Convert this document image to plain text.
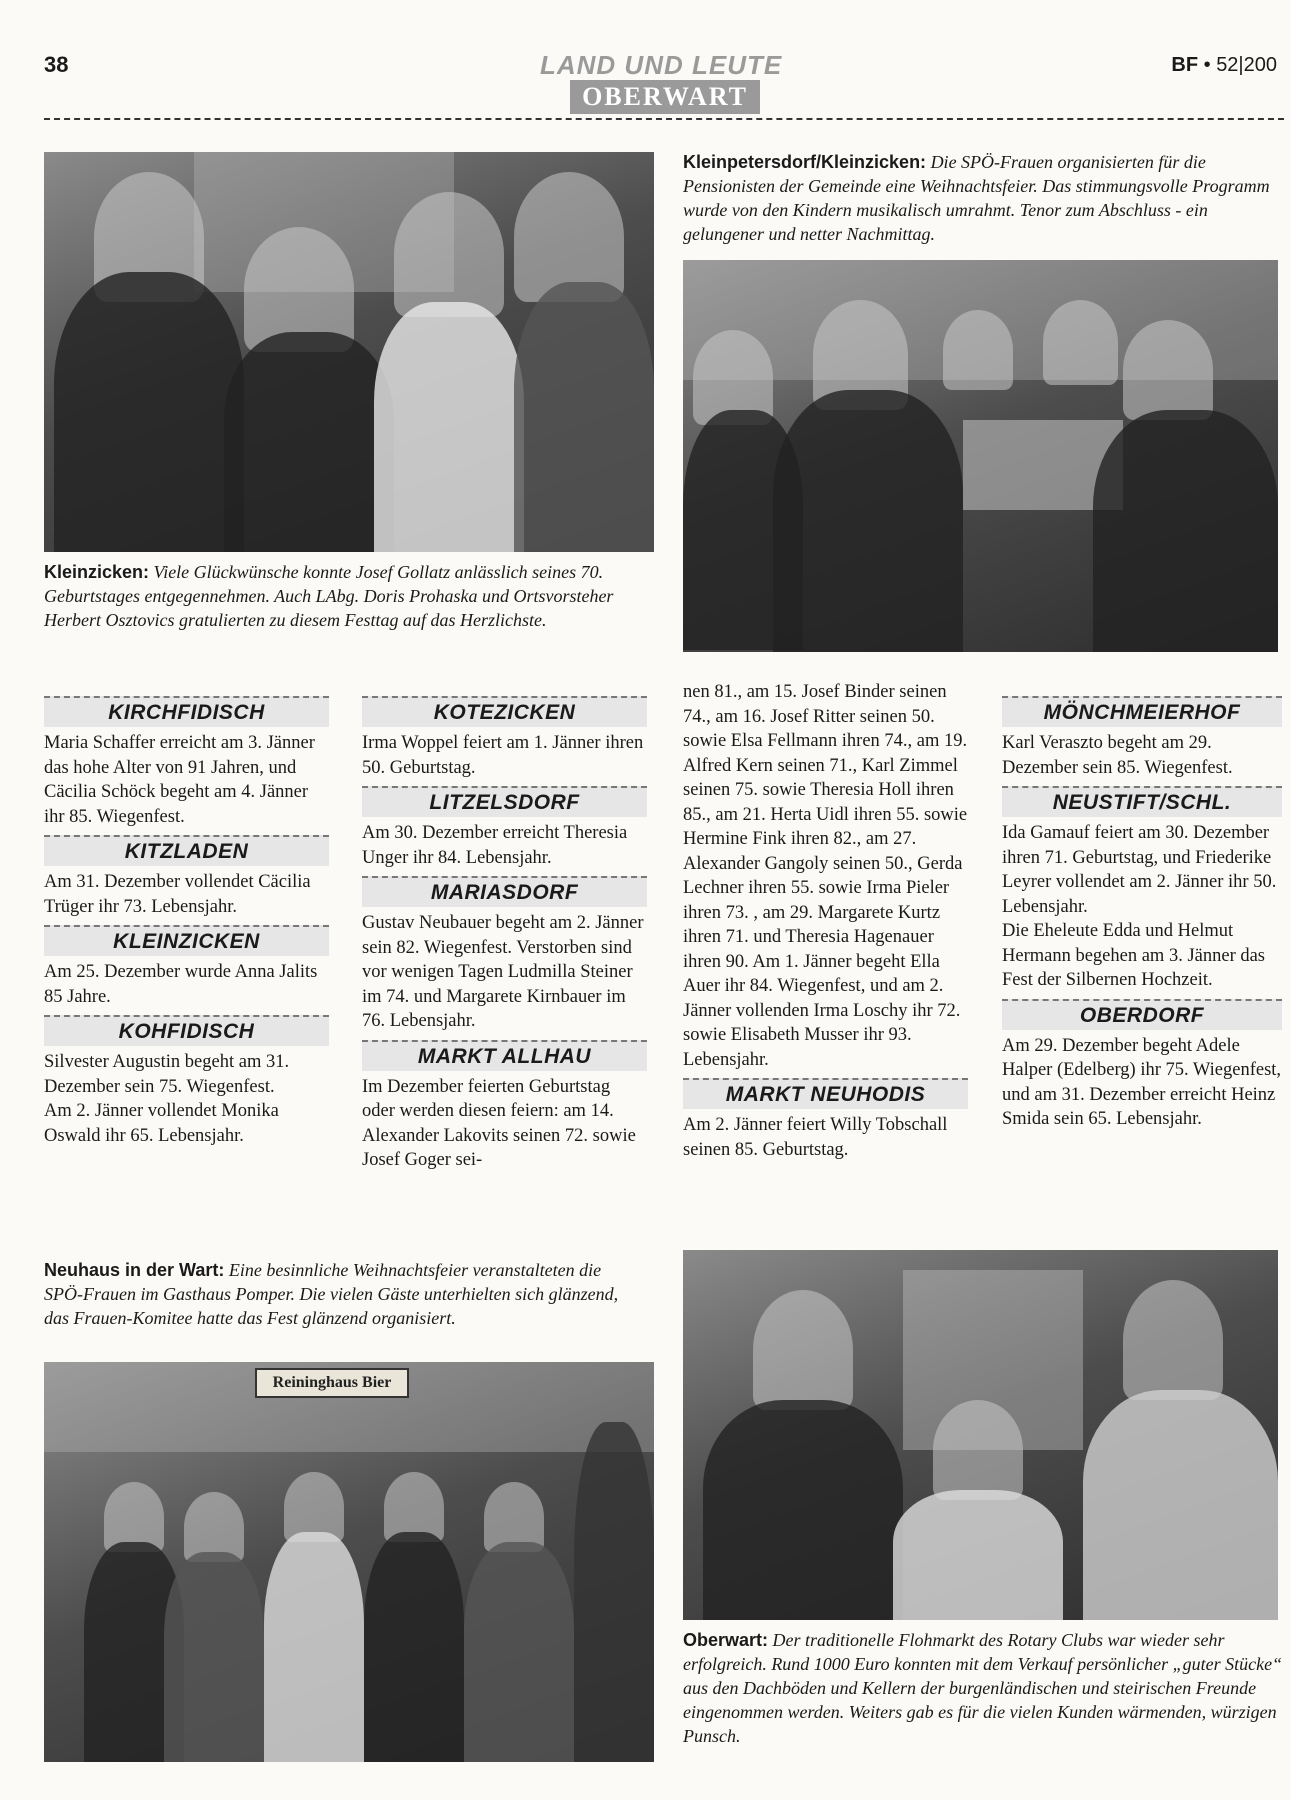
38	LAND UND LEUTE	BF • 52|200
OBERWART
Kleinzicken: Viele Glückwünsche konnte Josef Gollatz anlässlich seines 70. Geburtstages entgegennehmen. Auch LAbg. Doris Prohaska und Ortsvorsteher Herbert Osztovics gratulierten zu diesem Festtag auf das Herzlichste.
Kleinpetersdorf/Kleinzicken: Die SPÖ-Frauen organisierten für die Pensionisten der Gemeinde eine Weihnachtsfeier. Das stimmungsvolle Programm wurde von den Kindern musikalisch umrahmt. Tenor zum Abschluss - ein gelungener und netter Nachmittag.
KIRCHFIDISCH

Maria Schaffer erreicht am 3. Jänner das hohe Alter von 91 Jahren, und Cäcilia Schöck begeht am 4. Jänner ihr 85. Wiegenfest.

KITZLADEN

Am 31. Dezember vollendet Cäcilia Trüger ihr 73. Lebensjahr.

KLEINZICKEN

Am 25. Dezember wurde Anna Jalits 85 Jahre.

KOHFIDISCH

Silvester Augustin begeht am 31. Dezember sein 75. Wiegenfest.

Am 2. Jänner vollendet Monika Oswald ihr 65. Lebensjahr.

KOTEZICKEN

Irma Woppel feiert am 1. Jänner ihren 50. Geburtstag.

LITZELSDORF

Am 30. Dezember erreicht Theresia Unger ihr 84. Lebensjahr.

MARIASDORF

Gustav Neubauer begeht am 2. Jänner sein 82. Wiegenfest. Verstorben sind vor wenigen Tagen Ludmilla Steiner im 74. und Margarete Kirnbauer im 76. Lebensjahr.

MARKT ALLHAU

Im Dezember feierten Geburtstag oder werden diesen feiern: am 14. Alexander Lakovits seinen 72. sowie Josef Goger sei-

nen 81., am 15. Josef Binder seinen 74., am 16. Josef Ritter seinen 50. sowie Elsa Fellmann ihren 74., am 19. Alfred Kern seinen 71., Karl Zimmel seinen 75. sowie Theresia Holl ihren 85., am 21. Herta Uidl ihren 55. sowie Hermine Fink ihren 82., am 27. Alexander Gangoly seinen 50., Gerda Lechner ihren 55. sowie Irma Pieler ihren 73. , am 29. Margarete Kurtz ihren 71. und Theresia Hagenauer ihren 90. Am 1. Jänner begeht Ella Auer ihr 84. Wiegenfest, und am 2. Jänner vollenden Irma Loschy ihr 72. sowie Elisabeth Musser ihr 93. Lebensjahr.

MARKT NEUHODIS

Am 2. Jänner feiert Willy Tobschall seinen 85. Geburtstag.

MÖNCHMEIERHOF

Karl Veraszto begeht am 29. Dezember sein 85. Wiegenfest.

NEUSTIFT/SCHL.

Ida Gamauf feiert am 30. Dezember ihren 71. Geburtstag, und Friederike Leyrer vollendet am 2. Jänner ihr 50. Lebensjahr.

Die Eheleute Edda und Helmut Hermann begehen am 3. Jänner das Fest der Silbernen Hochzeit.

OBERDORF

Am 29. Dezember begeht Adele Halper (Edelberg) ihr 75. Wiegenfest, und am 31. Dezember erreicht Heinz Smida sein 65. Lebensjahr.

Neuhaus in der Wart: Eine besinnliche Weihnachtsfeier veranstalteten die SPÖ-Frauen im Gasthaus Pomper. Die vielen Gäste unterhielten sich glänzend, das Frauen-Komitee hatte das Fest glänzend organisiert.
Reininghaus Bier
Oberwart: Der traditionelle Flohmarkt des Rotary Clubs war wieder sehr erfolgreich. Rund 1000 Euro konnten mit dem Verkauf persönlicher „guter Stücke“ aus den Dachböden und Kellern der burgenländischen und steirischen Freunde eingenommen werden. Weiters gab es für die vielen Kunden wärmenden, würzigen Punsch.
